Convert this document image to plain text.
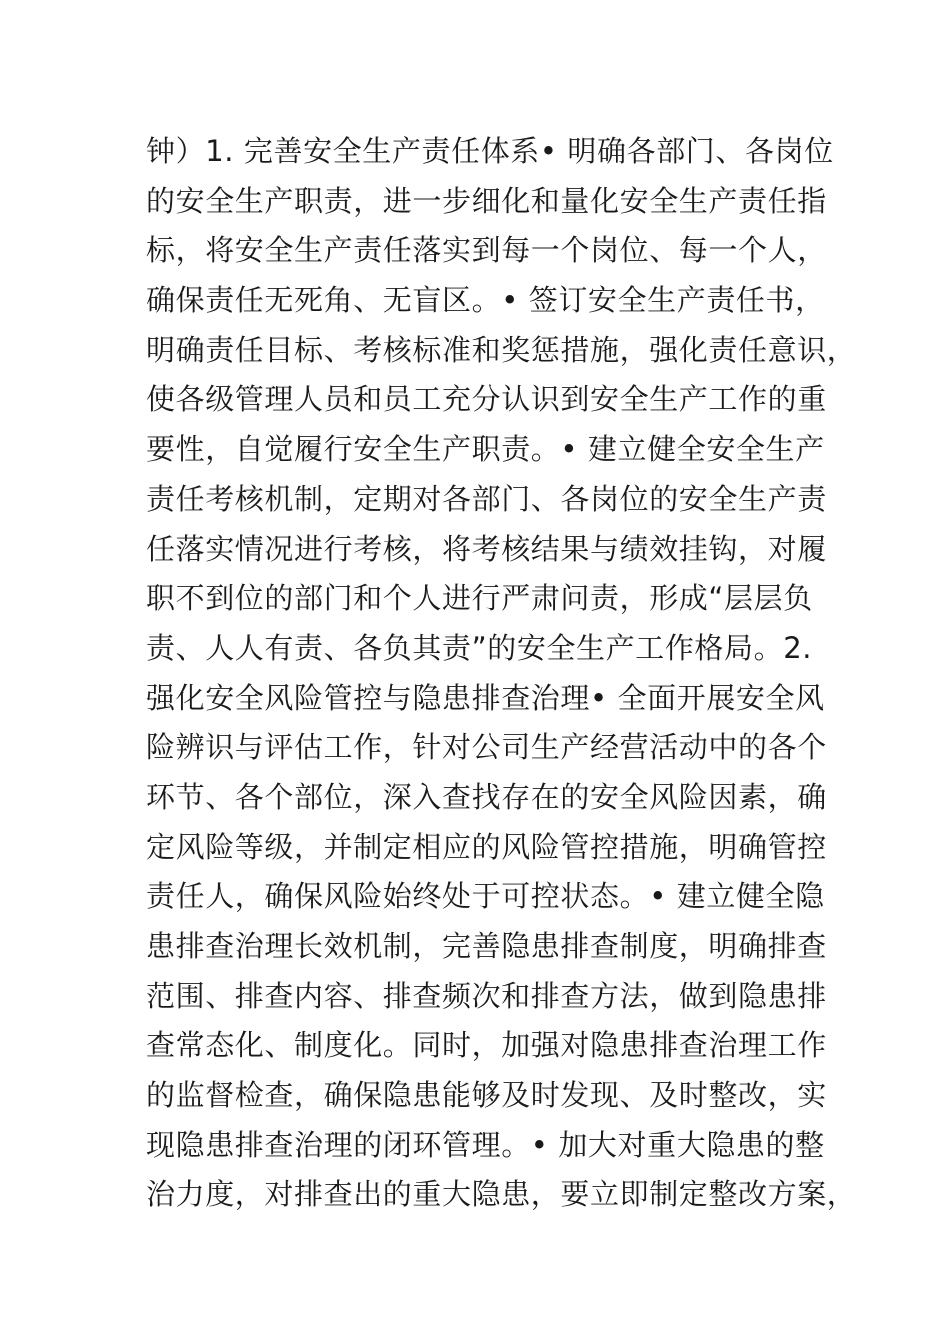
钟）1. 完善安全生产责任体系• 明确各部门、各岗位
的安全生产职责，进一步细化和量化安全生产责任指
标，将安全生产责任落实到每一个岗位、每一个人，
确保责任无死角、无盲区。• 签订安全生产责任书，
明确责任目标、考核标准和奖惩措施，强化责任意识，
使各级管理人员和员工充分认识到安全生产工作的重
要性，自觉履行安全生产职责。• 建立健全安全生产
责任考核机制，定期对各部门、各岗位的安全生产责
任落实情况进行考核，将考核结果与绩效挂钩，对履
职不到位的部门和个人进行严肃问责，形成“层层负
责、人人有责、各负其责”的安全生产工作格局。2.
强化安全风险管控与隐患排查治理• 全面开展安全风
险辨识与评估工作，针对公司生产经营活动中的各个
环节、各个部位，深入查找存在的安全风险因素，确
定风险等级，并制定相应的风险管控措施，明确管控
责任人，确保风险始终处于可控状态。• 建立健全隐
患排查治理长效机制，完善隐患排查制度，明确排查
范围、排查内容、排查频次和排查方法，做到隐患排
查常态化、制度化。同时，加强对隐患排查治理工作
的监督检查，确保隐患能够及时发现、及时整改，实
现隐患排查治理的闭环管理。• 加大对重大隐患的整
治力度，对排查出的重大隐患，要立即制定整改方案，
